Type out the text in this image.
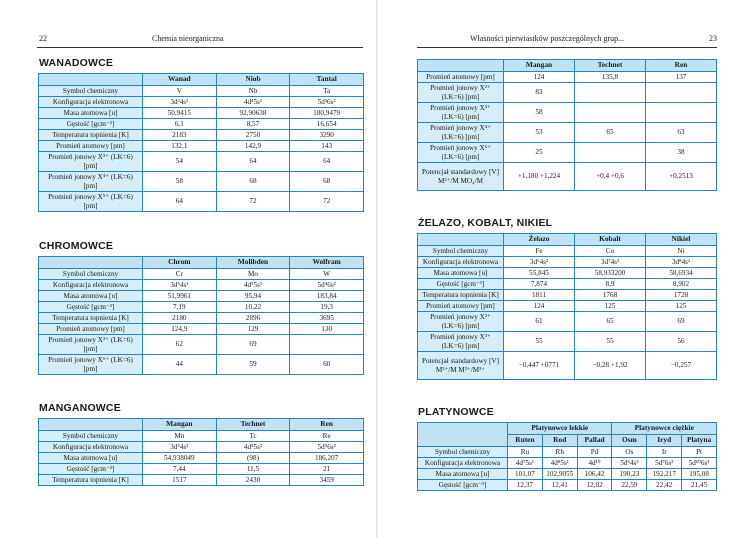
22	Chemia nieorganiczna
WANADOWCE
	Wanad	Niob	Tantal
Symbol chemiczny	V	Nb	Ta
Konfiguracja elektronowa	3d³4s²	4d⁴5s¹	5d³6s²
Masa atomowa [u]	50,9415	92,90638	180,9479
Gęstość [gcm⁻³]	6,1	8,57	16,654
Temperatura topnienia [K]	2183	2750	3290
Promień atomowy [pm]	132,1	142,9	143
Promień jonowy X³⁺ (LK=6) [pm]	54	64	64
Promień jonowy X⁴⁺ (LK=6) [pm]	58	68	68
Promień jonowy X⁵⁺ (LK=6) [pm]	64	72	72
CHROMOWCE
	Chrom	Molibden	Wolfram
Symbol chemiczny	Cr	Mo	W
Konfiguracja elektronowa	3d⁵4s¹	4d⁵5s¹	5d⁴6s²
Masa atomowa [u]	51,9961	95,94	183,84
Gęstość [gcm⁻³]	7,19	10,22	19,3
Temperatura topnienia [K]	2180	2896	3695
Promień atomowy [pm]	124,9	129	130
Promień jonowy X³⁺ (LK=6) [pm]	62	69	
Promień jonowy X⁶⁺ (LK=6) [pm]	44	59	60
MANGANOWCE
	Mangan	Technet	Ren
Symbol chemiczny	Mn	Tc	Re
Konfiguracja elektronowa	3d⁵4s²	4d⁵5s²	5d⁵6s²
Masa atomowa [u]	54,938049	(98)	186,207
Gęstość [gcm⁻³]	7,44	11,5	21
Temperatura topnienia [K]	1517	2430	3459
Własności pierwiastków poszczególnych grup...	23
	Mangan	Technet	Ren
Promień atomowy [pm]	124	135,8	137
Promień jonowy X²⁺ (LK=6) [pm]	83		
Promień jonowy X³⁺ (LK=6) [pm]	58		
Promień jonowy X⁴⁺ (LK=6) [pm]	53	65	63
Promień jonowy X⁶⁺ (LK=6) [pm]	25		38
Potencjał standardowy [V] M²⁺/M MO₄/M	+1,180 +1,224	+0,4 +0,6	+0,2513
ŻELAZO, KOBALT, NIKIEL
	Żelazo	Kobalt	Nikiel
Symbol chemiczny	Fe	Co	Ni
Konfiguracja elektronowa	3d⁶4s²	3d⁷4s²	3d⁸4s²
Masa atomowa [u]	55,845	58,933200	58,6934
Gęstość [gcm⁻³]	7,874	8,9	8,902
Temperatura topnienia [K]	1811	1768	1728
Promień atomowy [pm]	124	125	125
Promień jonowy X²⁺ (LK=6) [pm]	61	65	69
Promień jonowy X³⁺ (LK=6) [pm]	55	55	56
Potencjał standardowy [V] M²⁺/M M³⁺/M²⁺	−0,447 +0771	−0,28 +1,92	−0,257
PLATYNOWCE
	Platynowce lekkie			Platynowce ciężkie		
	Ruten	Rod	Pallad	Osm	Iryd	Platyna
Symbol chemiczny	Ru	Rh	Pd	Os	Ir	Pt
Konfiguracja elektronowa	4d⁷5s¹	4d⁸5s¹	4d¹⁰	5d⁶4s²	5d⁷6s²	5d¹⁰6s¹
Masa atomowa [u]	101,07	102,9055	106,42	190,23	192,217	195,08
Gęstość [gcm⁻³]	12,37	12,41	12,02	22,59	22,42	21,45
